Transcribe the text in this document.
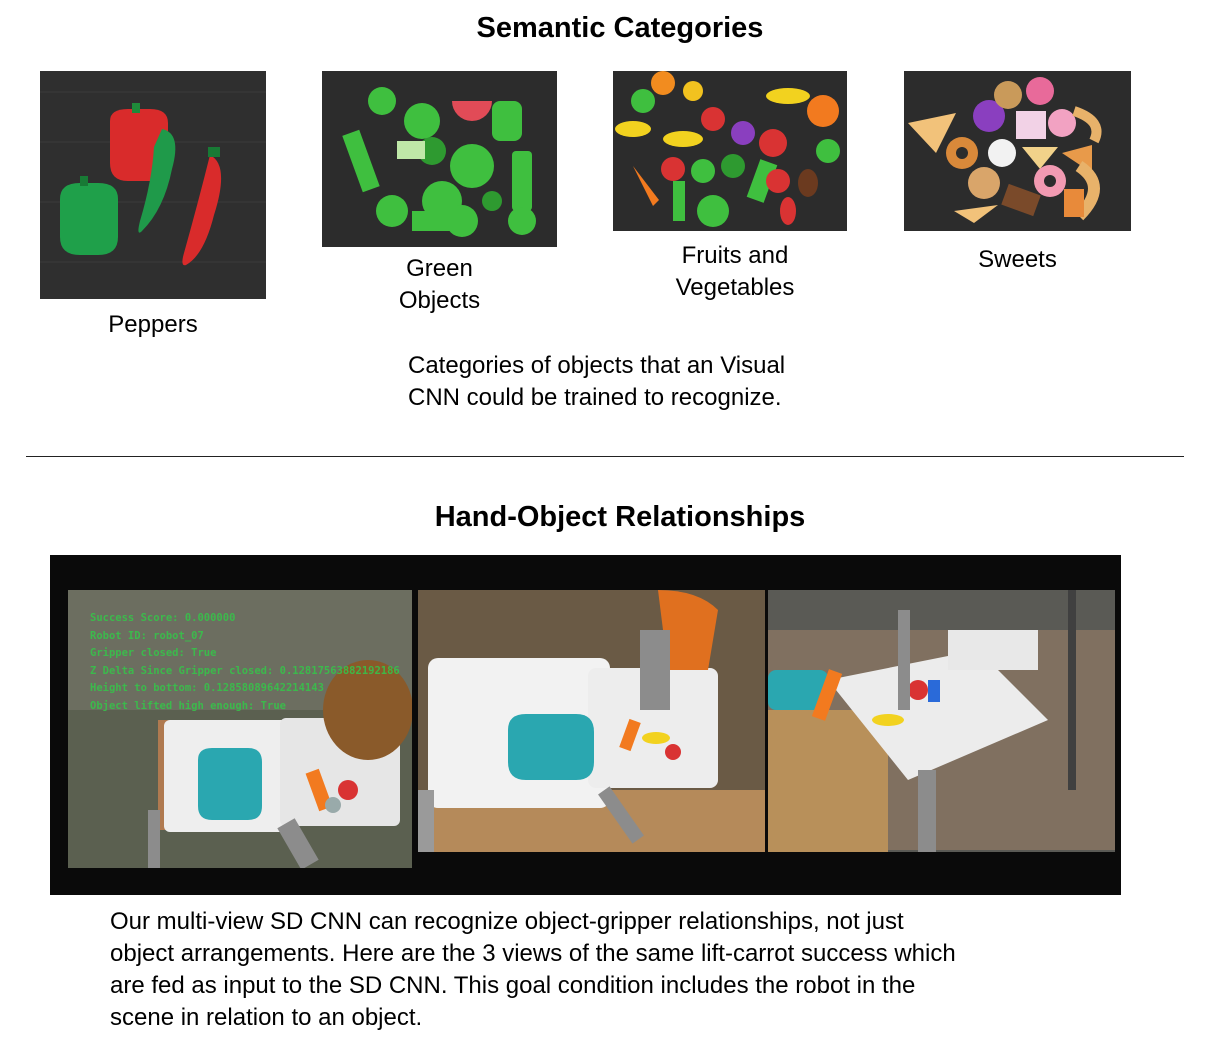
Semantic Categories
Peppers
Green
Objects
Fruits and
Vegetables
Sweets
Categories of objects that an Visual
CNN could be trained to recognize.
Hand-Object Relationships
Success Score: 0.000000
Robot ID: robot_07
Gripper closed: True
Z Delta Since Gripper closed: 0.12817563882192186
Height to bottom: 0.12858089642214143
Object lifted high enough: True
Our multi-view SD CNN can recognize object-gripper relationships, not just
object arrangements. Here are the 3 views of the same lift-carrot success which
are fed as input to the SD CNN. This goal condition includes the robot in the
scene in relation to an object.
